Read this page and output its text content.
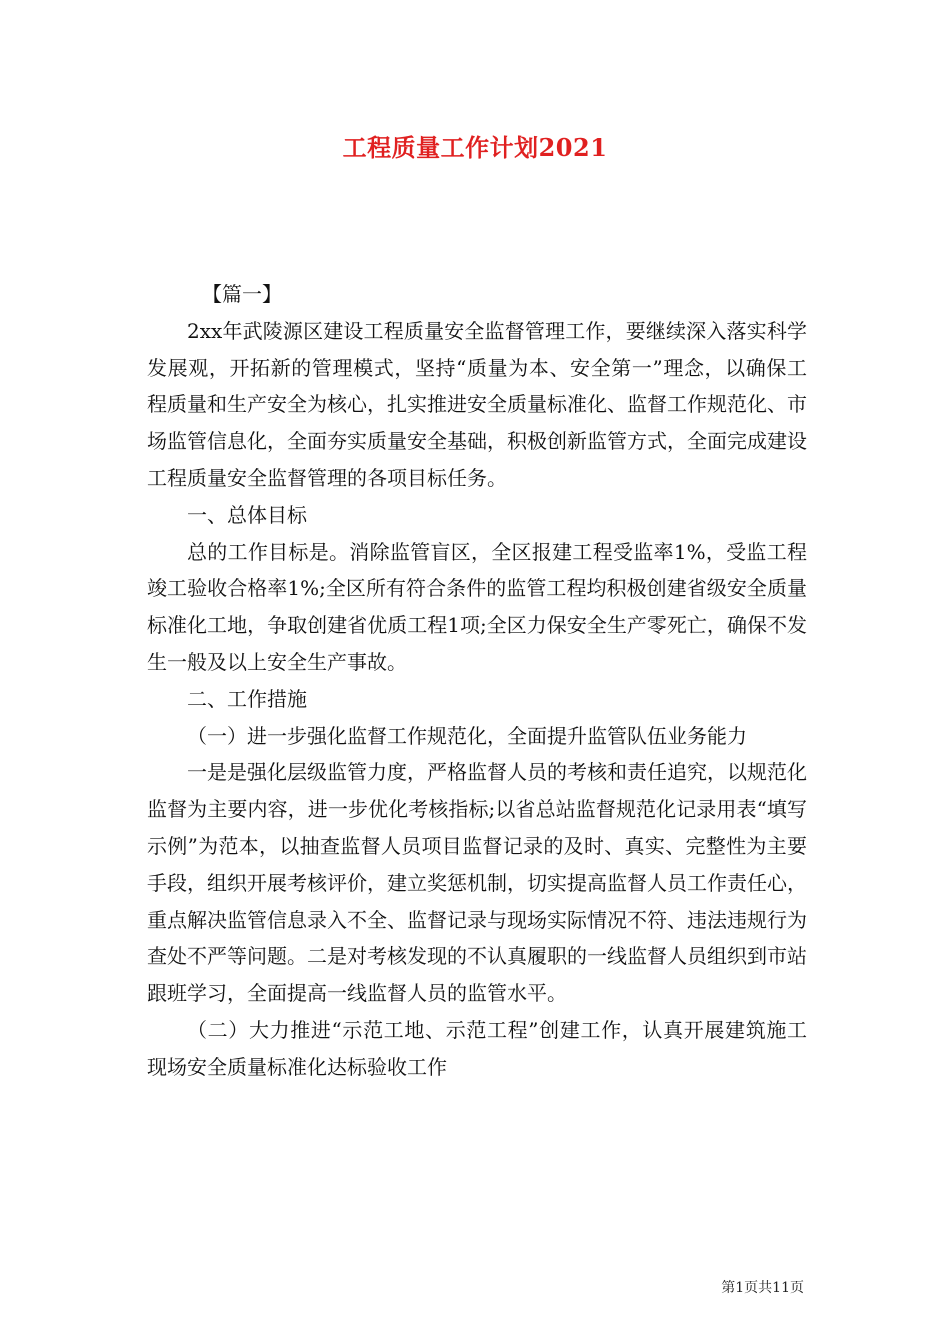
工程质量工作计划2021

【篇一】

2xx年武陵源区建设工程质量安全监督管理工作，要继续深入落实科学发展观，开拓新的管理模式，坚持“质量为本、安全第一”理念，以确保工程质量和生产安全为核心，扎实推进安全质量标准化、监督工作规范化、市场监管信息化，全面夯实质量安全基础，积极创新监管方式，全面完成建设工程质量安全监督管理的各项目标任务。

一、总体目标

总的工作目标是。消除监管盲区，全区报建工程受监率1%，受监工程竣工验收合格率1%;全区所有符合条件的监管工程均积极创建省级安全质量标准化工地，争取创建省优质工程1项;全区力保安全生产零死亡，确保不发生一般及以上安全生产事故。

二、工作措施

（一）进一步强化监督工作规范化，全面提升监管队伍业务能力

一是是强化层级监管力度，严格监督人员的考核和责任追究，以规范化监督为主要内容，进一步优化考核指标;以省总站监督规范化记录用表“填写示例”为范本，以抽查监督人员项目监督记录的及时、真实、完整性为主要手段，组织开展考核评价，建立奖惩机制，切实提高监督人员工作责任心，重点解决监管信息录入不全、监督记录与现场实际情况不符、违法违规行为查处不严等问题。二是对考核发现的不认真履职的一线监督人员组织到市站跟班学习，全面提高一线监督人员的监管水平。

（二）大力推进“示范工地、示范工程”创建工作，认真开展建筑施工现场安全质量标准化达标验收工作

第1页共11页
